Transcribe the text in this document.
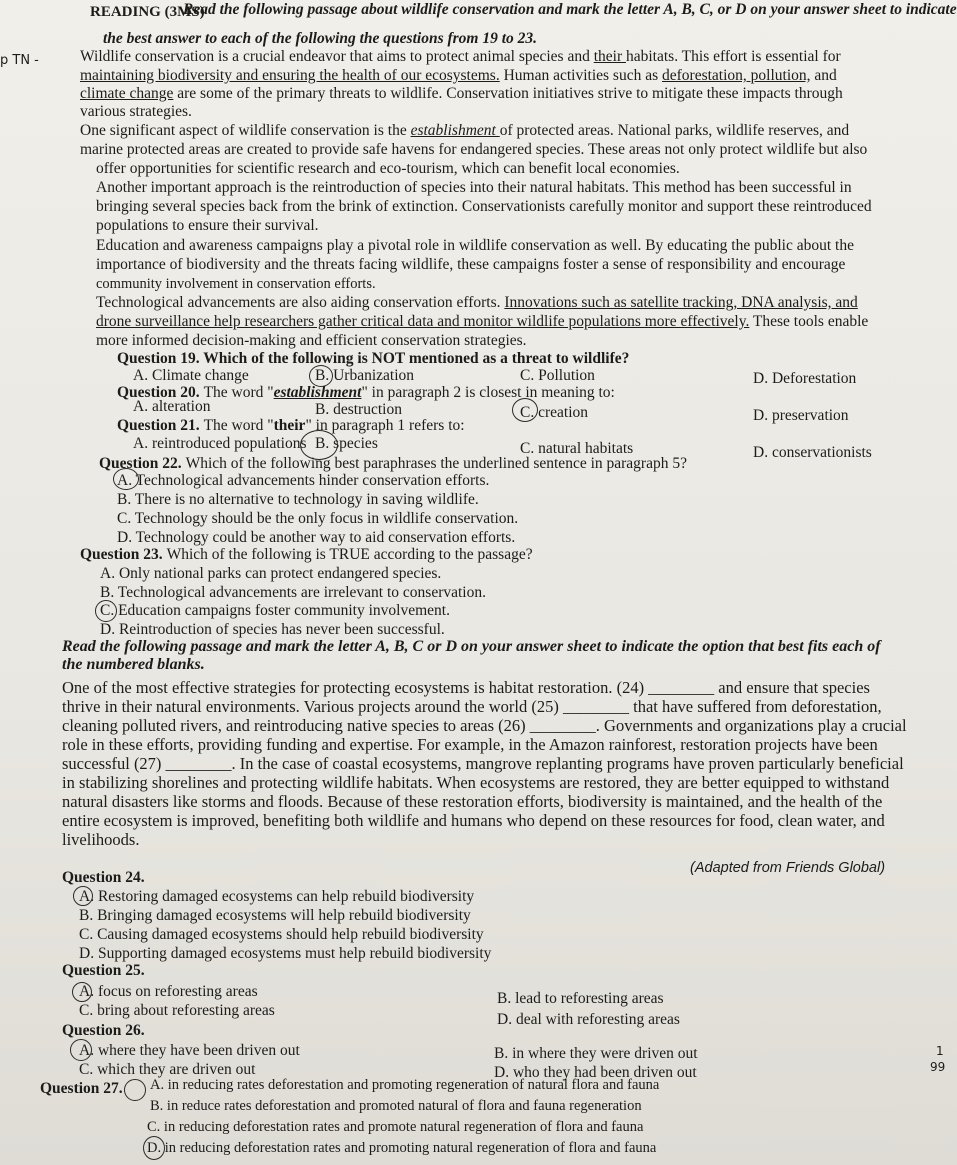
READING (3MS)
Read the following passage about wildlife conservation and mark the letter A, B, C, or D on your answer sheet to indicate
the best answer to each of the following the questions from 19 to 23.
p TN -	Wildlife conservation is a crucial endeavor that aims to protect animal species and their habitats. This effort is essential for
maintaining biodiversity and ensuring the health of our ecosystems. Human activities such as deforestation, pollution, and
climate change are some of the primary threats to wildlife. Conservation initiatives strive to mitigate these impacts through
various strategies.
One significant aspect of wildlife conservation is the establishment of protected areas. National parks, wildlife reserves, and
marine protected areas are created to provide safe havens for endangered species. These areas not only protect wildlife but also
offer opportunities for scientific research and eco-tourism, which can benefit local economies.
Another important approach is the reintroduction of species into their natural habitats. This method has been successful in
bringing several species back from the brink of extinction. Conservationists carefully monitor and support these reintroduced
populations to ensure their survival.
Education and awareness campaigns play a pivotal role in wildlife conservation as well. By educating the public about the
importance of biodiversity and the threats facing wildlife, these campaigns foster a sense of responsibility and encourage
community involvement in conservation efforts.
Technological advancements are also aiding conservation efforts. Innovations such as satellite tracking, DNA analysis, and
drone surveillance help researchers gather critical data and monitor wildlife populations more effectively. These tools enable
more informed decision-making and efficient conservation strategies.
Question 19. Which of the following is NOT mentioned as a threat to wildlife?
A. Climate change	B. Urbanization	C. Pollution	D. Deforestation
Question 20. The word "establishment" in paragraph 2 is closest in meaning to:
A. alteration	B. destruction	C. creation	D. preservation
Question 21. The word "their" in paragraph 1 refers to:
A. reintroduced populations B. species	C. natural habitats	D. conservationists
Question 22. Which of the following best paraphrases the underlined sentence in paragraph 5?
A. Technological advancements hinder conservation efforts.
B. There is no alternative to technology in saving wildlife.
C. Technology should be the only focus in wildlife conservation.
D. Technology could be another way to aid conservation efforts.
Question 23. Which of the following is TRUE according to the passage?
A. Only national parks can protect endangered species.
B. Technological advancements are irrelevant to conservation.
C. Education campaigns foster community involvement.
D. Reintroduction of species has never been successful.
Read the following passage and mark the letter A, B, C or D on your answer sheet to indicate the option that best fits each of
the numbered blanks.
One of the most effective strategies for protecting ecosystems is habitat restoration. (24) ________ and ensure that species
thrive in their natural environments. Various projects around the world (25) ________ that have suffered from deforestation,
cleaning polluted rivers, and reintroducing native species to areas (26) ________. Governments and organizations play a crucial
role in these efforts, providing funding and expertise. For example, in the Amazon rainforest, restoration projects have been
successful (27) ________. In the case of coastal ecosystems, mangrove replanting programs have proven particularly beneficial
in stabilizing shorelines and protecting wildlife habitats. When ecosystems are restored, they are better equipped to withstand
natural disasters like storms and floods. Because of these restoration efforts, biodiversity is maintained, and the health of the
entire ecosystem is improved, benefiting both wildlife and humans who depend on these resources for food, clean water, and
livelihoods.
(Adapted from Friends Global)
Question 24.
A. Restoring damaged ecosystems can help rebuild biodiversity
B. Bringing damaged ecosystems will help rebuild biodiversity
C. Causing damaged ecosystems should help rebuild biodiversity
D. Supporting damaged ecosystems must help rebuild biodiversity
Question 25.
A. focus on reforesting areas	B. lead to reforesting areas
C. bring about reforesting areas
D. deal with reforesting areas
Question 26.
A. where they have been driven out	B. in where they were driven out
C. which they are driven out	D. who they had been driven out
Question 27. A. in reducing rates deforestation and promoting regeneration of natural flora and fauna
B. in reduce rates deforestation and promoted natural of flora and fauna regeneration
C. in reducing deforestation rates and promote natural regeneration of flora and fauna
D. in reducing deforestation rates and promoting natural regeneration of flora and fauna
1
99
